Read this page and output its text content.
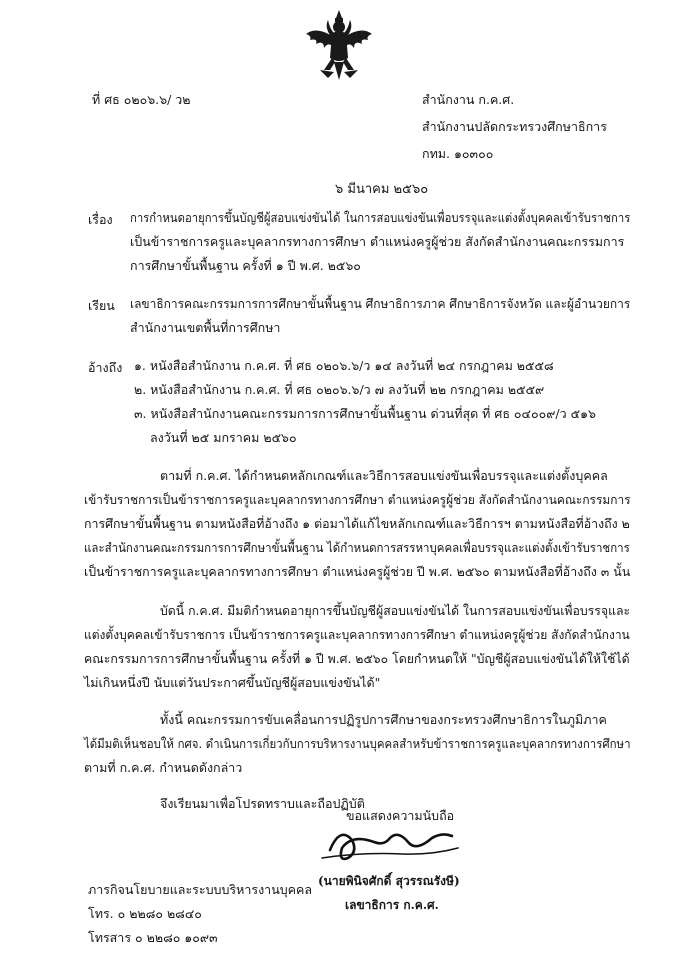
ที่ ศธ ๐๒๐๖.๖/ ว๒	สำนักงาน ก.ค.ศ.
สำนักงานปลัดกระทรวงศึกษาธิการ
กทม. ๑๐๓๐๐
๖ มีนาคม ๒๕๖๐
เรื่อง การกำหนดอายุการขึ้นบัญชีผู้สอบแข่งขันได้ ในการสอบแข่งขันเพื่อบรรจุและแต่งตั้งบุคคลเข้ารับราชการ
เป็นข้าราชการครูและบุคลากรทางการศึกษา ตำแหน่งครูผู้ช่วย สังกัดสำนักงานคณะกรรมการ
การศึกษาขั้นพื้นฐาน ครั้งที่ ๑ ปี พ.ศ. ๒๕๖๐
เรียน เลขาธิการคณะกรรมการการศึกษาขั้นพื้นฐาน ศึกษาธิการภาค ศึกษาธิการจังหวัด และผู้อำนวยการ
สำนักงานเขตพื้นที่การศึกษา
อ้างถึง ๑. หนังสือสำนักงาน ก.ค.ศ. ที่ ศธ ๐๒๐๖.๖/ว ๑๔ ลงวันที่ ๒๔ กรกฎาคม ๒๕๕๘
๒. หนังสือสำนักงาน ก.ค.ศ. ที่ ศธ ๐๒๐๖.๖/ว ๗ ลงวันที่ ๒๒ กรกฎาคม ๒๕๕๙
๓. หนังสือสำนักงานคณะกรรมการการศึกษาขั้นพื้นฐาน ด่วนที่สุด ที่ ศธ ๐๔๐๐๙/ว ๕๑๖
ลงวันที่ ๒๕ มกราคม ๒๕๖๐
ตามที่ ก.ค.ศ. ได้กำหนดหลักเกณฑ์และวิธีการสอบแข่งขันเพื่อบรรจุและแต่งตั้งบุคคล
เข้ารับราชการเป็นข้าราชการครูและบุคลากรทางการศึกษา ตำแหน่งครูผู้ช่วย สังกัดสำนักงานคณะกรรมการ
การศึกษาขั้นพื้นฐาน ตามหนังสือที่อ้างถึง ๑ ต่อมาได้แก้ไขหลักเกณฑ์และวิธีการฯ ตามหนังสือที่อ้างถึง ๒
และสำนักงานคณะกรรมการการศึกษาขั้นพื้นฐาน ได้กำหนดการสรรหาบุคคลเพื่อบรรจุและแต่งตั้งเข้ารับราชการ
เป็นข้าราชการครูและบุคลากรทางการศึกษา ตำแหน่งครูผู้ช่วย ปี พ.ศ. ๒๕๖๐ ตามหนังสือที่อ้างถึง ๓ นั้น
บัดนี้ ก.ค.ศ. มีมติกำหนดอายุการขึ้นบัญชีผู้สอบแข่งขันได้ ในการสอบแข่งขันเพื่อบรรจุและ
แต่งตั้งบุคคลเข้ารับราชการ เป็นข้าราชการครูและบุคลากรทางการศึกษา ตำแหน่งครูผู้ช่วย สังกัดสำนักงาน
คณะกรรมการการศึกษาขั้นพื้นฐาน ครั้งที่ ๑ ปี พ.ศ. ๒๕๖๐ โดยกำหนดให้ "บัญชีผู้สอบแข่งขันได้ให้ใช้ได้
ไม่เกินหนึ่งปี นับแต่วันประกาศขึ้นบัญชีผู้สอบแข่งขันได้"
ทั้งนี้ คณะกรรมการขับเคลื่อนการปฏิรูปการศึกษาของกระทรวงศึกษาธิการในภูมิภาค
ได้มีมติเห็นชอบให้ กศจ. ดำเนินการเกี่ยวกับการบริหารงานบุคคลสำหรับข้าราชการครูและบุคลากรทางการศึกษา
ตามที่ ก.ค.ศ. กำหนดดังกล่าว
จึงเรียนมาเพื่อโปรดทราบและถือปฏิบัติ
ขอแสดงความนับถือ
(นายพินิจศักดิ์ สุวรรณรังษี)
เลขาธิการ ก.ค.ศ.
ภารกิจนโยบายและระบบบริหารงานบุคคล
โทร. ๐ ๒๒๘๐ ๒๘๔๐
โทรสาร ๐ ๒๒๘๐ ๑๐๙๓
